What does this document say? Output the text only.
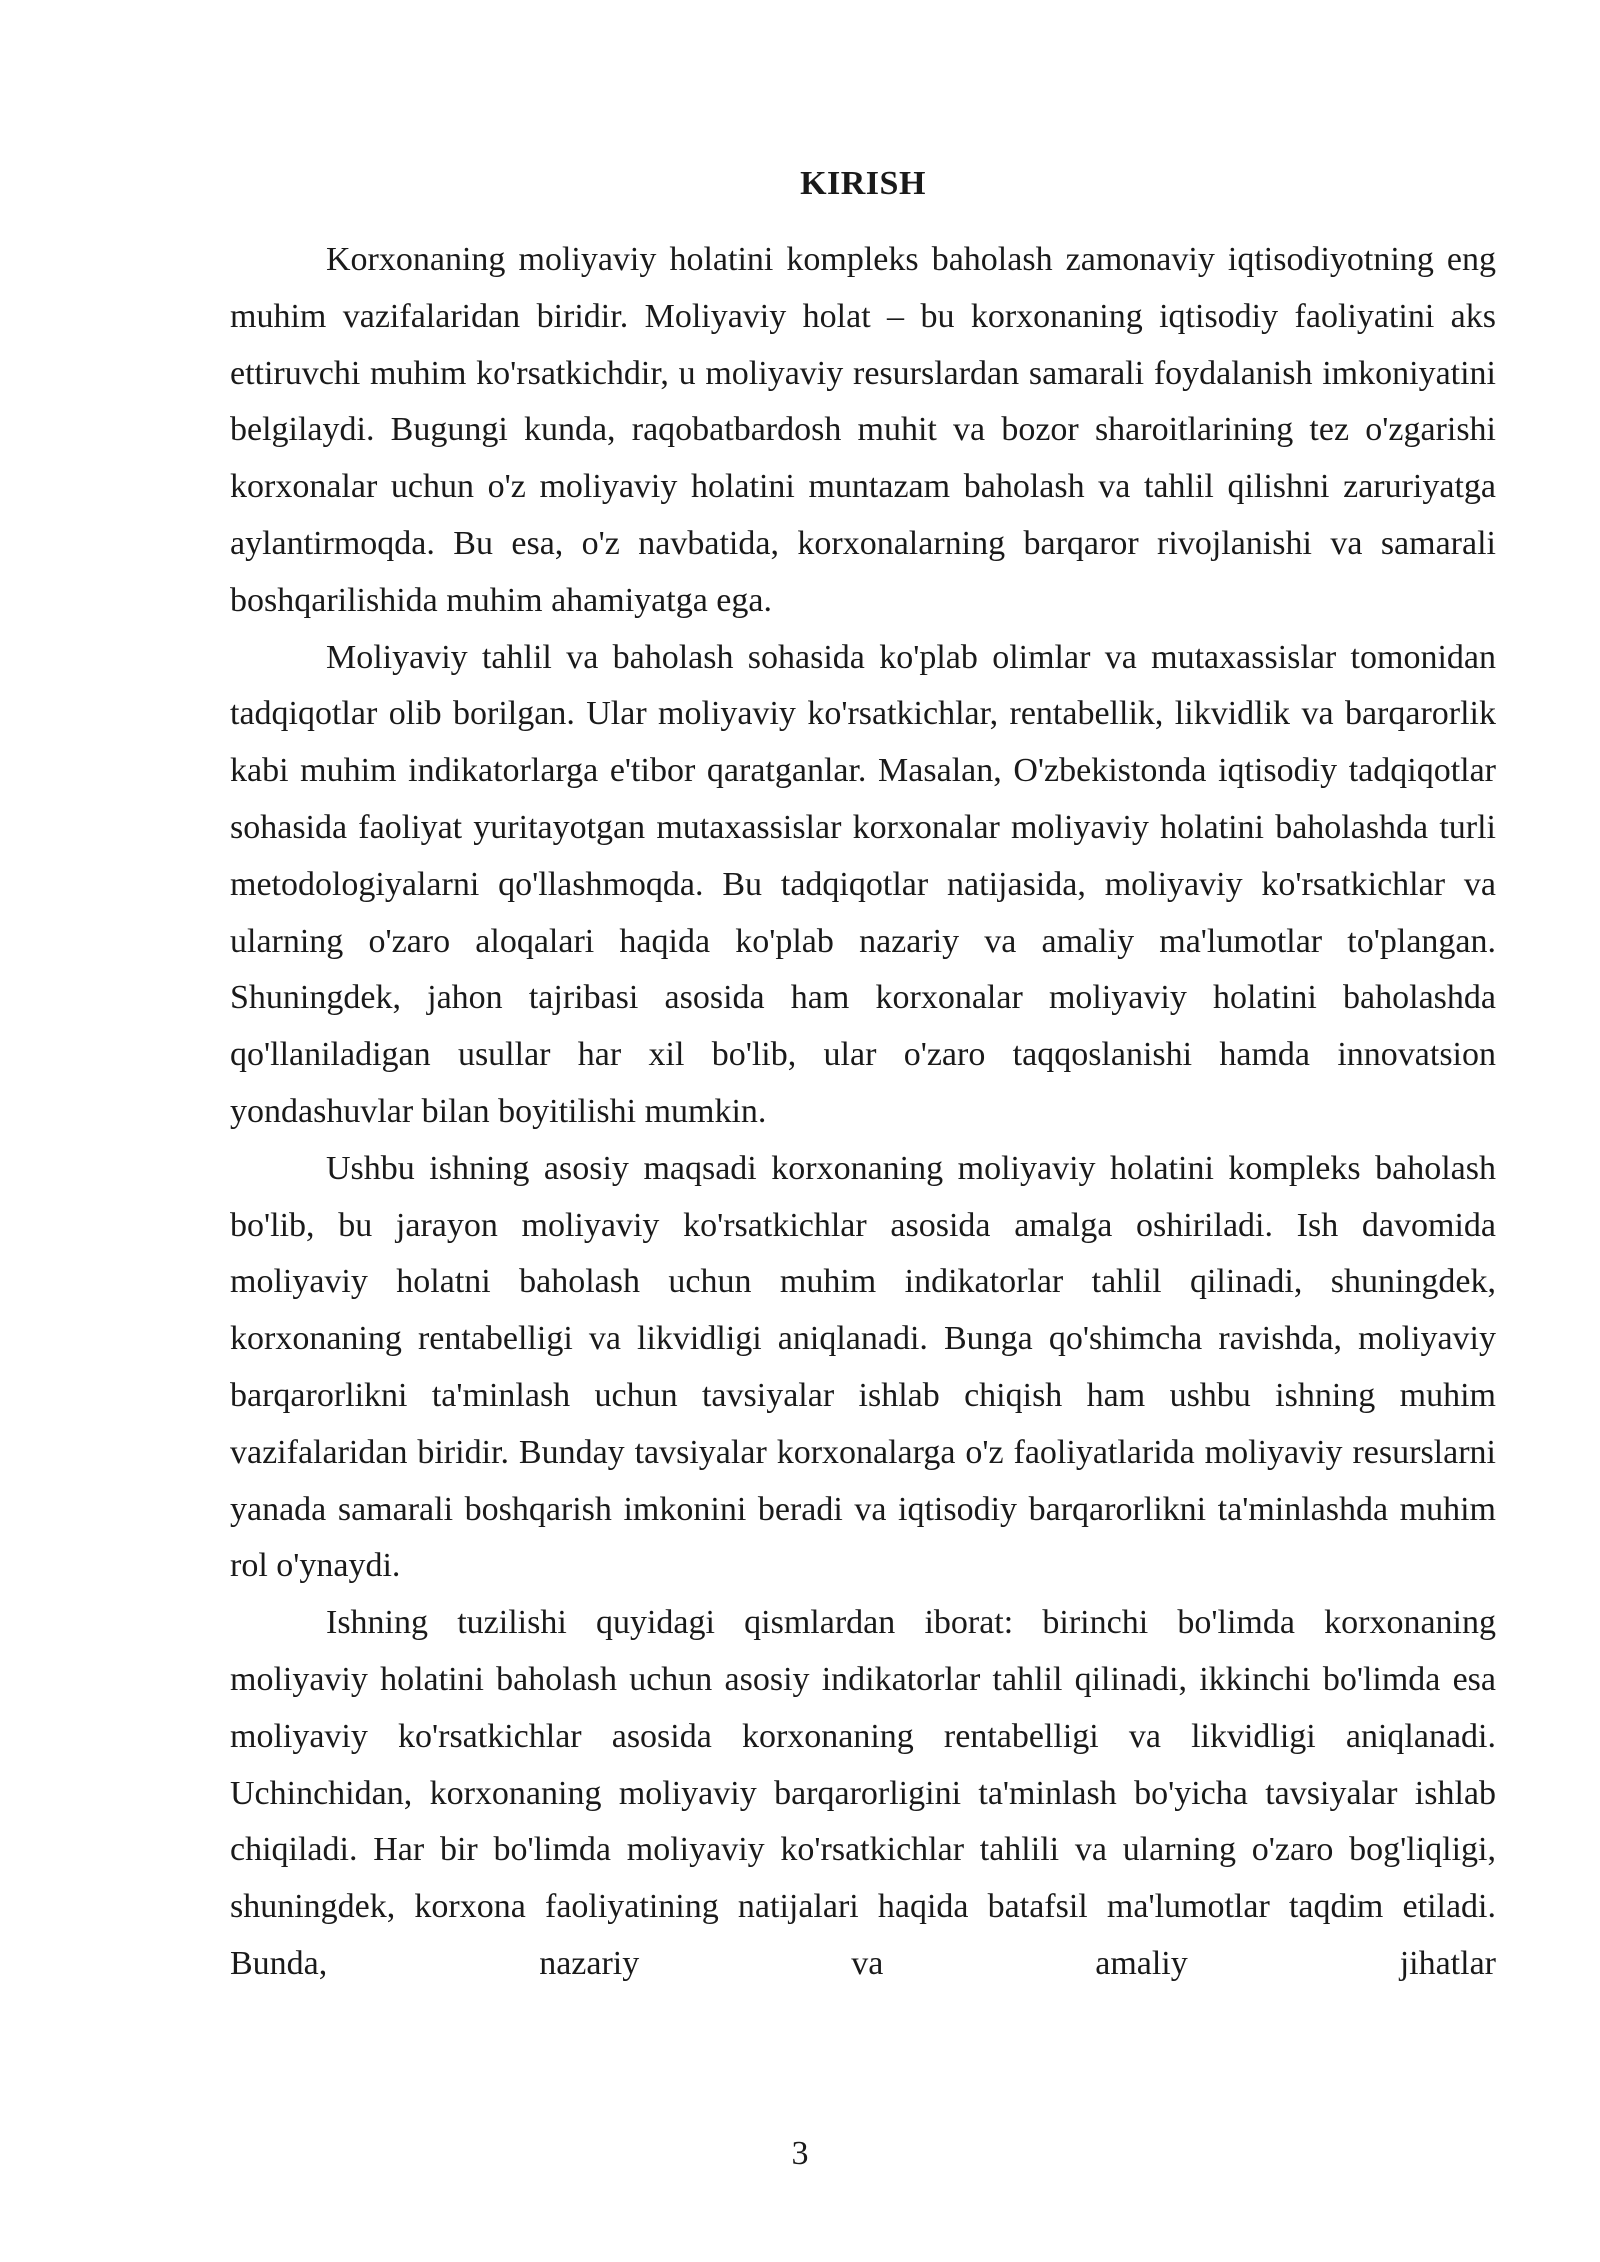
KIRISH

Korxonaning moliyaviy holatini kompleks baholash zamonaviy iqtisodiyotning eng muhim vazifalaridan biridir. Moliyaviy holat – bu korxonaning iqtisodiy faoliyatini aks ettiruvchi muhim ko'rsatkichdir, u moliyaviy resurslardan samarali foydalanish imkoniyatini belgilaydi. Bugungi kunda, raqobatbardosh muhit va bozor sharoitlarining tez o'zgarishi korxonalar uchun o'z moliyaviy holatini muntazam baholash va tahlil qilishni zaruriyatga aylantirmoqda. Bu esa, o'z navbatida, korxonalarning barqaror rivojlanishi va samarali boshqarilishida muhim ahamiyatga ega.

Moliyaviy tahlil va baholash sohasida ko'plab olimlar va mutaxassislar tomonidan tadqiqotlar olib borilgan. Ular moliyaviy ko'rsatkichlar, rentabellik, likvidlik va barqarorlik kabi muhim indikatorlarga e'tibor qaratganlar. Masalan, O'zbekistonda iqtisodiy tadqiqotlar sohasida faoliyat yuritayotgan mutaxassislar korxonalar moliyaviy holatini baholashda turli metodologiyalarni qo'llashmoqda. Bu tadqiqotlar natijasida, moliyaviy ko'rsatkichlar va ularning o'zaro aloqalari haqida ko'plab nazariy va amaliy ma'lumotlar to'plangan. Shuningdek, jahon tajribasi asosida ham korxonalar moliyaviy holatini baholashda qo'llaniladigan usullar har xil bo'lib, ular o'zaro taqqoslanishi hamda innovatsion yondashuvlar bilan boyitilishi mumkin.

Ushbu ishning asosiy maqsadi korxonaning moliyaviy holatini kompleks baholash bo'lib, bu jarayon moliyaviy ko'rsatkichlar asosida amalga oshiriladi. Ish davomida moliyaviy holatni baholash uchun muhim indikatorlar tahlil qilinadi, shuningdek, korxonaning rentabelligi va likvidligi aniqlanadi. Bunga qo'shimcha ravishda, moliyaviy barqarorlikni ta'minlash uchun tavsiyalar ishlab chiqish ham ushbu ishning muhim vazifalaridan biridir. Bunday tavsiyalar korxonalarga o'z faoliyatlarida moliyaviy resurslarni yanada samarali boshqarish imkonini beradi va iqtisodiy barqarorlikni ta'minlashda muhim rol o'ynaydi.

Ishning tuzilishi quyidagi qismlardan iborat: birinchi bo'limda korxonaning moliyaviy holatini baholash uchun asosiy indikatorlar tahlil qilinadi, ikkinchi bo'limda esa moliyaviy ko'rsatkichlar asosida korxonaning rentabelligi va likvidligi aniqlanadi. Uchinchidan, korxonaning moliyaviy barqarorligini ta'minlash bo'yicha tavsiyalar ishlab chiqiladi. Har bir bo'limda moliyaviy ko'rsatkichlar tahlili va ularning o'zaro bog'liqligi, shuningdek, korxona faoliyatining natijalari haqida batafsil ma'lumotlar taqdim etiladi. Bunda, nazariy va amaliy jihatlar

3
